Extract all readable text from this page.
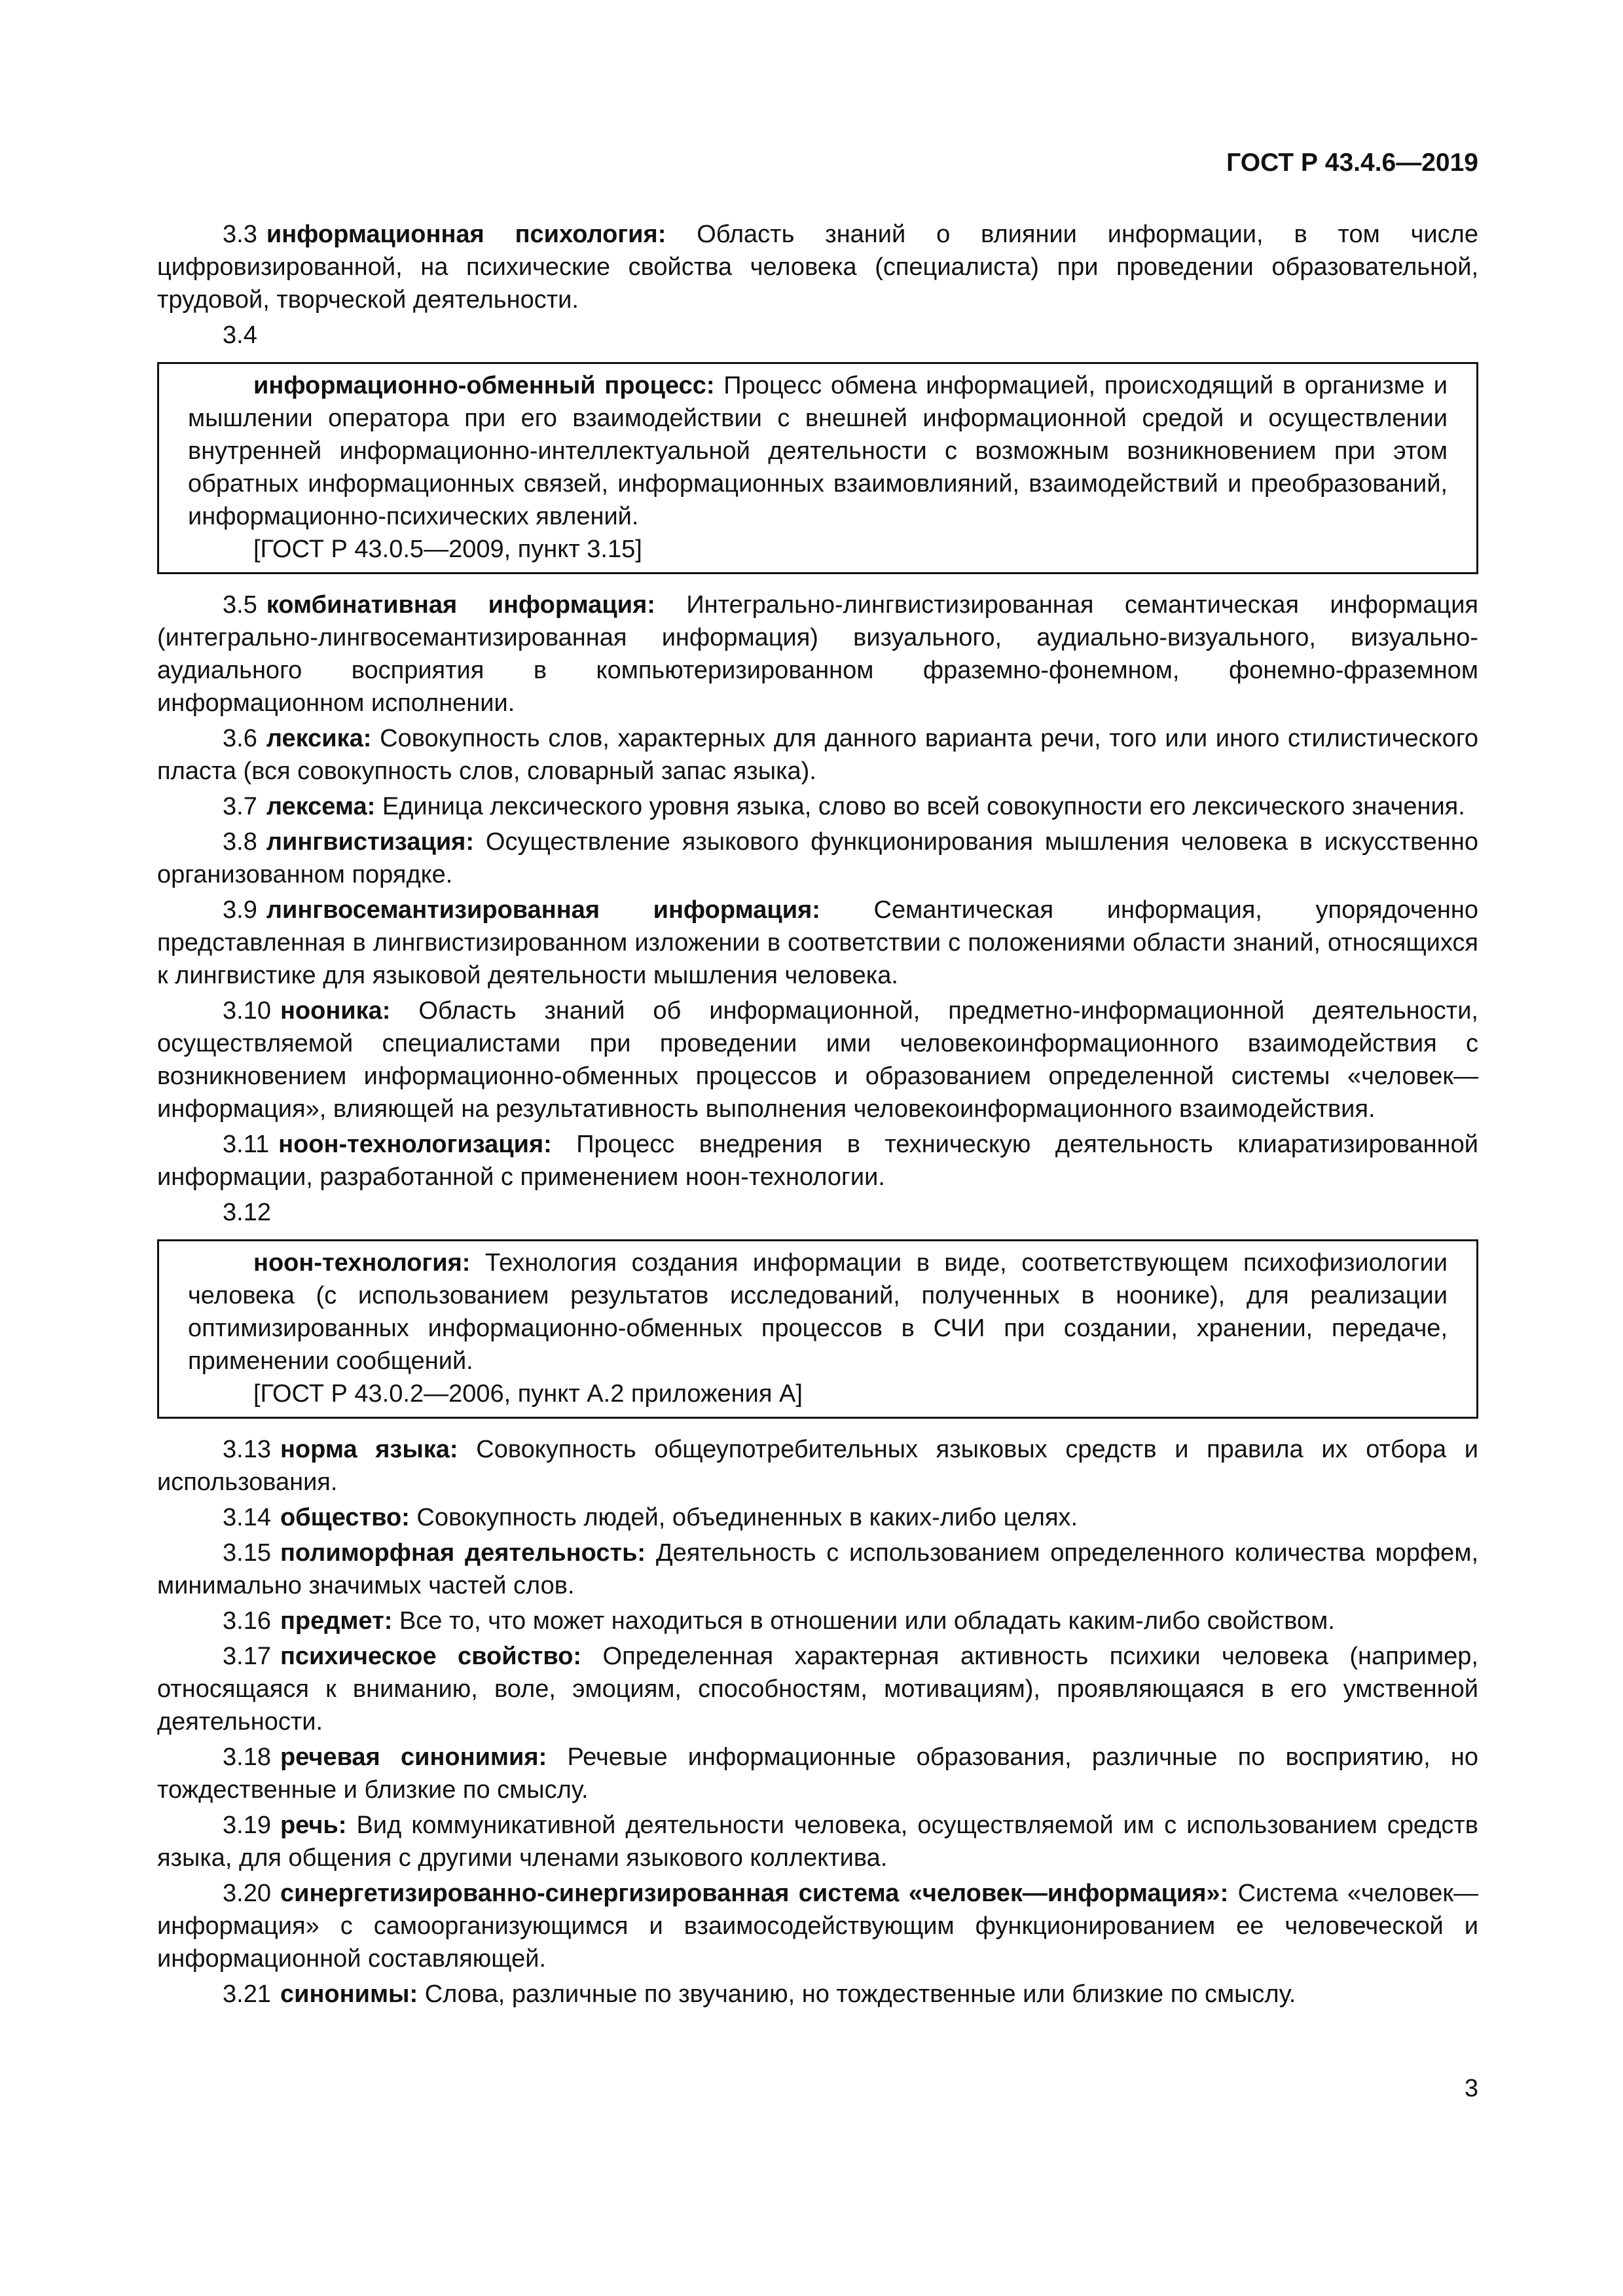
ГОСТ Р 43.4.6—2019

3.3 информационная психология: Область знаний о влиянии информации, в том числе цифровизированной, на психические свойства человека (специалиста) при проведении образовательной, трудовой, творческой деятельности.

3.4

информационно-обменный процесс: Процесс обмена информацией, происходящий в организме и мышлении оператора при его взаимодействии с внешней информационной средой и осуществлении внутренней информационно-интеллектуальной деятельности с возможным возникновением при этом обратных информационных связей, информационных взаимовлияний, взаимодействий и преобразований, информационно-психических явлений.

[ГОСТ Р 43.0.5—2009, пункт 3.15]

3.5 комбинативная информация: Интегрально-лингвистизированная семантическая информация (интегрально-лингвосемантизированная информация) визуального, аудиально-визуального, визуально-аудиального восприятия в компьютеризированном фраземно-фонемном, фонемно-фраземном информационном исполнении.

3.6 лексика: Совокупность слов, характерных для данного варианта речи, того или иного стилистического пласта (вся совокупность слов, словарный запас языка).

3.7 лексема: Единица лексического уровня языка, слово во всей совокупности его лексического значения.

3.8 лингвистизация: Осуществление языкового функционирования мышления человека в искусственно организованном порядке.

3.9 лингвосемантизированная информация: Семантическая информация, упорядоченно представленная в лингвистизированном изложении в соответствии с положениями области знаний, относящихся к лингвистике для языковой деятельности мышления человека.

3.10 нооника: Область знаний об информационной, предметно-информационной деятельности, осуществляемой специалистами при проведении ими человекоинформационного взаимодействия с возникновением информационно-обменных процессов и образованием определенной системы «человек— информация», влияющей на результативность выполнения человекоинформационного взаимодействия.

3.11 ноон-технологизация: Процесс внедрения в техническую деятельность клиаратизированной информации, разработанной с применением ноон-технологии.

3.12

ноон-технология: Технология создания информации в виде, соответствующем психофизиологии человека (с использованием результатов исследований, полученных в ноонике), для реализации оптимизированных информационно-обменных процессов в СЧИ при создании, хранении, передаче, применении сообщений.

[ГОСТ Р 43.0.2—2006, пункт А.2 приложения А]

3.13 норма языка: Совокупность общеупотребительных языковых средств и правила их отбора и использования.

3.14 общество: Совокупность людей, объединенных в каких-либо целях.

3.15 полиморфная деятельность: Деятельность с использованием определенного количества морфем, минимально значимых частей слов.

3.16 предмет: Все то, что может находиться в отношении или обладать каким-либо свойством.

3.17 психическое свойство: Определенная характерная активность психики человека (например, относящаяся к вниманию, воле, эмоциям, способностям, мотивациям), проявляющаяся в его умственной деятельности.

3.18 речевая синонимия: Речевые информационные образования, различные по восприятию, но тождественные и близкие по смыслу.

3.19 речь: Вид коммуникативной деятельности человека, осуществляемой им с использованием средств языка, для общения с другими членами языкового коллектива.

3.20 синергетизированно-синергизированная система «человек—информация»: Система «человек—информация» с самоорганизующимся и взаимосодействующим функционированием ее человеческой и информационной составляющей.

3.21 синонимы: Слова, различные по звучанию, но тождественные или близкие по смыслу.

3
